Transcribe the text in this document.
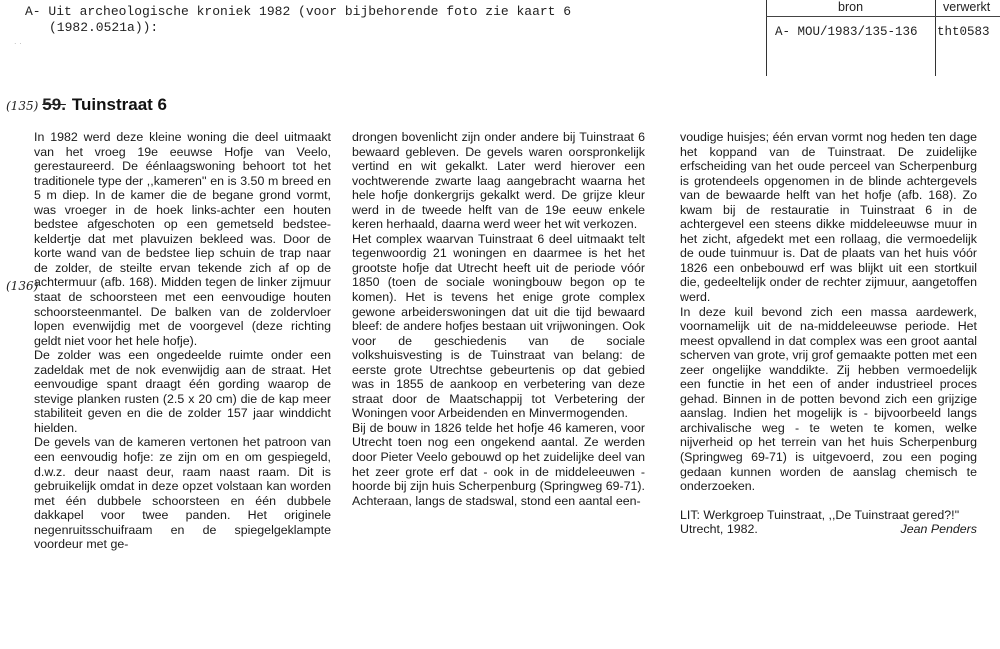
A- Uit archeologische kroniek 1982 (voor bijbehorende foto zie kaart 6
(1982.0521a)):
. .
bron	verwerkt
A- MOU/1983/135-136 tht0583
(135) 59. Tuinstraat 6
(136)

In 1982 werd deze kleine woning die deel uitmaakt van het vroeg 19e eeuwse Hofje van Veelo, gerestaureerd. De éénlaagswoning behoort tot het traditionele type der ,,kameren'' en is 3.50 m breed en 5 m diep. In de kamer die de begane grond vormt, was vroeger in de hoek links-achter een houten bedstee afgeschoten op een gemetseld bedstee-keldertje dat met plavuizen bekleed was. Door de korte wand van de bedstee liep schuin de trap naar de zolder, de steilte ervan tekende zich af op de achtermuur (afb. 168). Midden tegen de linker zijmuur staat de schoorsteen met een eenvoudige houten schoorsteenmantel. De balken van de zoldervloer lopen evenwijdig met de voorgevel (deze richting geldt niet voor het hele hofje).

De zolder was een ongedeelde ruimte onder een zadeldak met de nok evenwijdig aan de straat. Het eenvoudige spant draagt één gording waarop de stevige planken rusten (2.5 x 20 cm) die de kap meer stabiliteit geven en die de zolder 157 jaar winddicht hielden.

De gevels van de kameren vertonen het patroon van een eenvoudig hofje: ze zijn om en om gespiegeld, d.w.z. deur naast deur, raam naast raam. Dit is gebruikelijk omdat in deze opzet volstaan kan worden met één dubbele schoorsteen en één dubbele dakkapel voor twee panden. Het originele negenruitsschuifraam en de spiegelgeklampte voordeur met ge-

drongen bovenlicht zijn onder andere bij Tuinstraat 6 bewaard gebleven. De gevels waren oorspronkelijk vertind en wit gekalkt. Later werd hierover een vochtwerende zwarte laag aangebracht waarna het hele hofje donkergrijs gekalkt werd. De grijze kleur werd in de tweede helft van de 19e eeuw enkele keren herhaald, daarna werd weer het wit verkozen.

Het complex waarvan Tuinstraat 6 deel uitmaakt telt tegenwoordig 21 woningen en daarmee is het het grootste hofje dat Utrecht heeft uit de periode vóór 1850 (toen de sociale woningbouw begon op te komen). Het is tevens het enige grote complex gewone arbeiderswoningen dat uit die tijd bewaard bleef: de andere hofjes bestaan uit vrijwoningen. Ook voor de geschiedenis van de sociale volkshuisvesting is de Tuinstraat van belang: de eerste grote Utrechtse gebeurtenis op dat gebied was in 1855 de aankoop en verbetering van deze straat door de Maatschappij tot Verbetering der Woningen voor Arbeidenden en Minvermogenden.

Bij de bouw in 1826 telde het hofje 46 kameren, voor Utrecht toen nog een ongekend aantal. Ze werden door Pieter Veelo gebouwd op het zuidelijke deel van het zeer grote erf dat - ook in de middeleeuwen - hoorde bij zijn huis Scherpenburg (Springweg 69-71). Achteraan, langs de stadswal, stond een aantal een-

voudige huisjes; één ervan vormt nog heden ten dage het koppand van de Tuinstraat. De zuidelijke erfscheiding van het oude perceel van Scherpenburg is grotendeels opgenomen in de blinde achtergevels van de bewaarde helft van het hofje (afb. 168). Zo kwam bij de restauratie in Tuinstraat 6 in de achtergevel een steens dikke middeleeuwse muur in het zicht, afgedekt met een rollaag, die vermoedelijk de oude tuinmuur is. Dat de plaats van het huis vóór 1826 een onbebouwd erf was blijkt uit een stortkuil die, gedeeltelijk onder de rechter zijmuur, aangetoffen werd.

In deze kuil bevond zich een massa aardewerk, voornamelijk uit de na-middeleeuwse periode. Het meest opvallend in dat complex was een groot aantal scherven van grote, vrij grof gemaakte potten met een zeer ongelijke wanddikte. Zij hebben vermoedelijk een functie in het een of ander industrieel proces gehad. Binnen in de potten bevond zich een grijzige aanslag. Indien het mogelijk is - bijvoorbeeld langs archivalische weg - te weten te komen, welke nijverheid op het terrein van het huis Scherpenburg (Springweg 69-71) is uitgevoerd, zou een poging gedaan kunnen worden de aanslag chemisch te onderzoeken.

LIT: Werkgroep Tuinstraat, ,,De Tuinstraat gered?!''

Utrecht, 1982.	Jean Penders
